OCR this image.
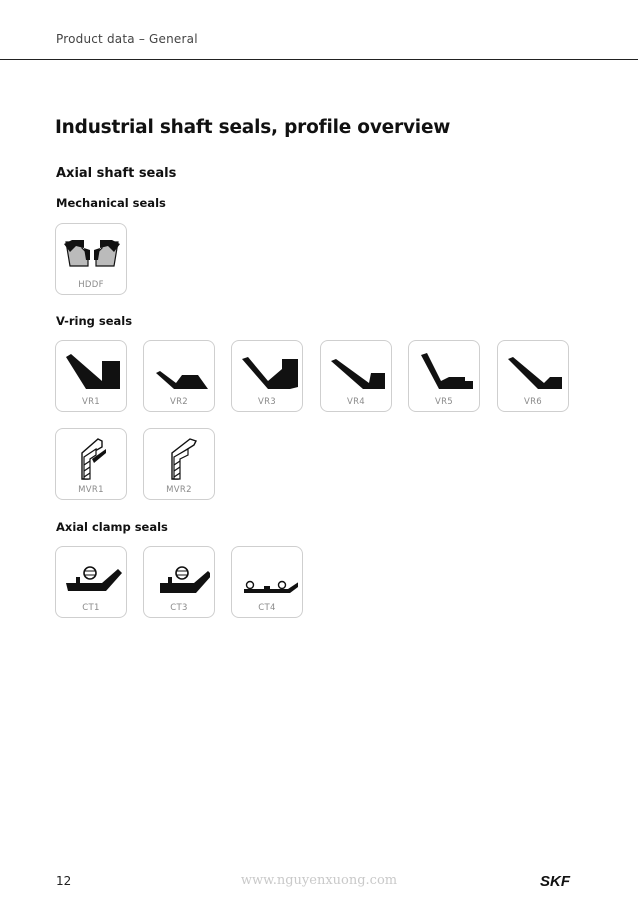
Product data – General
Industrial shaft seals, profile overview
Axial shaft seals
Mechanical seals
HDDF
V-ring seals
VR1	VR2	VR3	VR4	VR5	VR6
MVR1	MVR2
Axial clamp seals
CT1	CT3	CT4
12	www.nguyenxuong.com	SKF
